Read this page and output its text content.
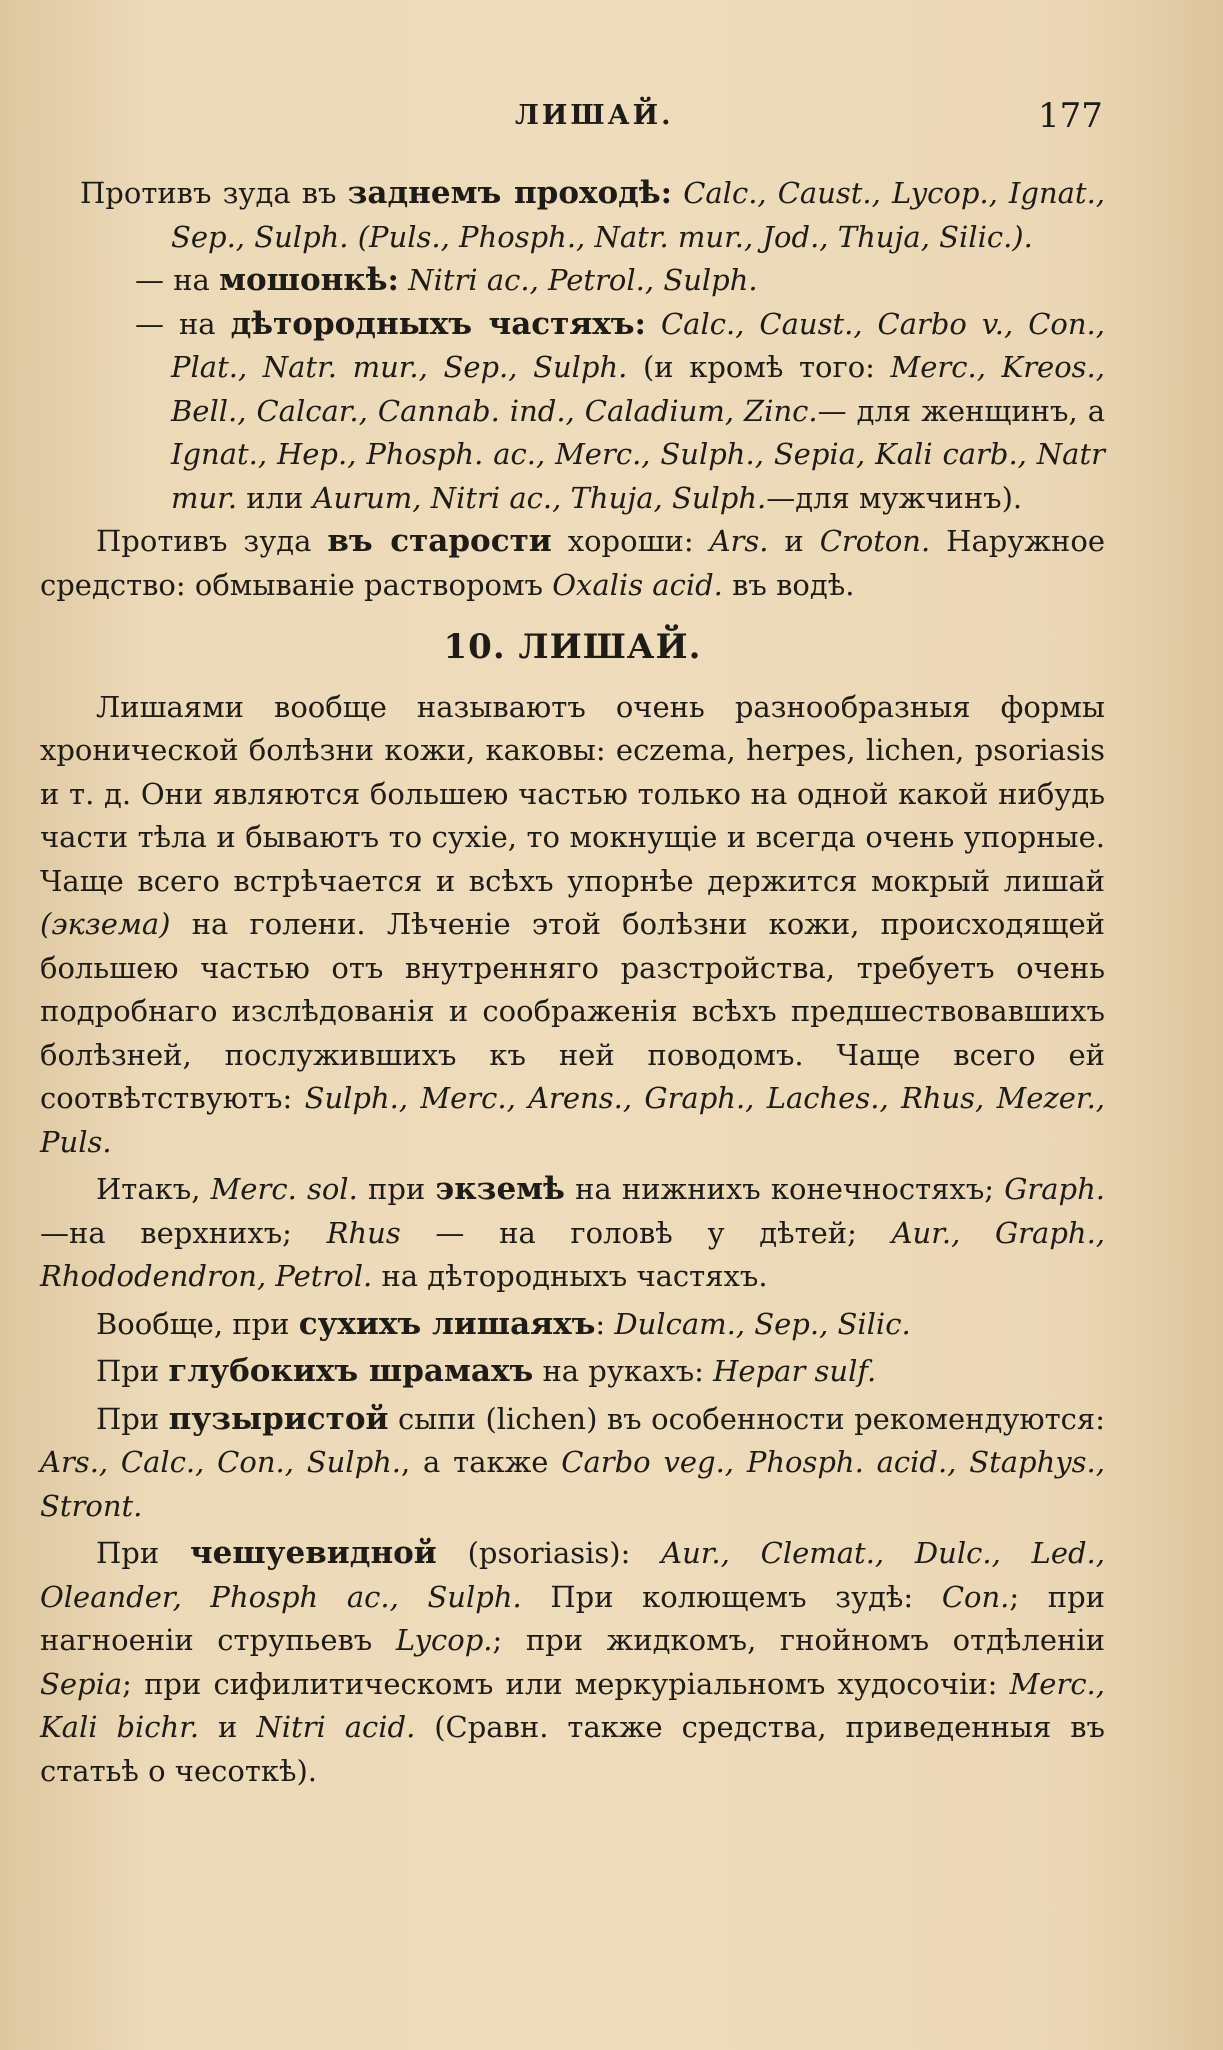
ЛИШАЙ.	177

Противъ зуда въ заднемъ проходѣ: Calc., Caust., Lycop., Ignat., Sep., Sulph. (Puls., Phosph., Natr. mur., Jod., Thuja, Silic.).

— на мошонкѣ: Nitri ac., Petrol., Sulph.

— на дѣтородныхъ частяхъ: Calc., Caust., Carbo v., Con., Plat., Natr. mur., Sep., Sulph. (и кромѣ того: Merc., Kreos., Bell., Calcar., Cannab. ind., Caladium, Zinc.— для женщинъ, а Ignat., Hep., Phosph. ac., Merc., Sulph., Sepia, Kali carb., Natr mur. или Aurum, Nitri ac., Thuja, Sulph.—для мужчинъ).

Противъ зуда въ старости хороши: Ars. и Croton. Наружное средство: обмываніе растворомъ Oxalis acid. въ водѣ.

10. ЛИШАЙ.

Лишаями вообще называютъ очень разнообразныя формы хронической болѣзни кожи, каковы: eczema, herpes, lichen, psoriasis и т. д. Они являются большею частью только на одной какой нибудь части тѣла и бываютъ то сухіе, то мокнущіе и всегда очень упорные. Чаще всего встрѣчается и всѣхъ упорнѣе держится мокрый лишай (экзема) на голени. Лѣченіе этой болѣзни кожи, происходящей большею частью отъ внутренняго разстройства, требуетъ очень подробнаго изслѣдованія и соображенія всѣхъ предшествовавшихъ болѣзней, послужившихъ къ ней поводомъ. Чаще всего ей соотвѣтствуютъ: Sulph., Merc., Arens., Graph., Laches., Rhus, Mezer., Puls.

Итакъ, Merc. sol. при экземѣ на нижнихъ конечностяхъ; Graph.—на верхнихъ; Rhus — на головѣ у дѣтей; Aur., Graph., Rhododendron, Petrol. на дѣтородныхъ частяхъ.

Вообще, при сухихъ лишаяхъ: Dulcam., Sep., Silic.

При глубокихъ шрамахъ на рукахъ: Hepar sulf.

При пузыристой сыпи (lichen) въ особенности рекомендуются: Ars., Calc., Con., Sulph., а также Carbo veg., Phosph. acid., Staphys., Stront.

При чешуевидной (psoriasis): Aur., Clemat., Dulc., Led., Oleander, Phosph ac., Sulph. При колющемъ зудѣ: Con.; при нагноеніи струпьевъ Lycop.; при жидкомъ, гнойномъ отдѣленіи Sepia; при сифилитическомъ или меркуріальномъ худосочіи: Merc., Kali bichr. и Nitri acid. (Сравн. также средства, приведенныя въ статьѣ о чесоткѣ).
